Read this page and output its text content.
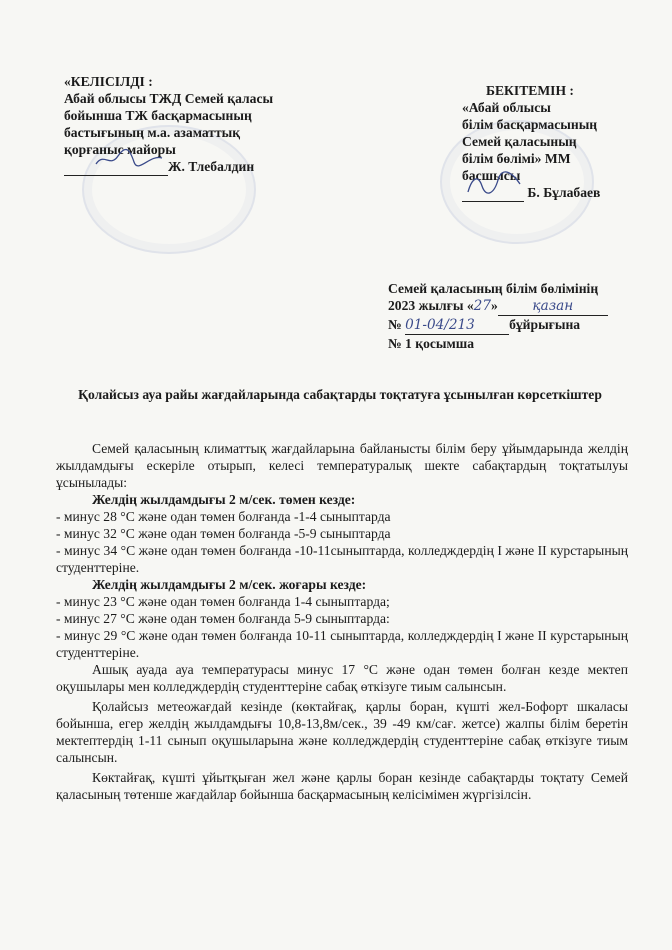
«КЕЛІСІЛДІ :
Абай облысы ТЖД Семей қаласы
бойынша ТЖ басқармасының
бастығының м.а. азаматтық
қорғаныс майоры
Ж. Тлебалдин
БЕКІТЕМІН :
«Абай облысы
білім басқармасының
Семей қаласының
білім бөлімі» ММ
басшысы
Б. Бұлабаев
Семей қаласының білім бөлімінің
2023 жылғы «27»	қазан
№ 01-04/213	бұйрығына
№ 1 қосымша
Қолайсыз ауа райы жағдайларында сабақтарды тоқтатуға ұсынылған көрсеткіштер

Семей қаласының климаттық жағдайларына байланысты білім беру ұйымдарында желдің жылдамдығы ескеріле отырып, келесі температуралық шекте сабақтардың тоқтатылуы ұсынылады:

Желдің жылдамдығы 2 м/сек. төмен кезде:

- минус 28 °С және одан төмен болғанда -1-4 сыныптарда

- минус 32 °С және одан төмен болғанда -5-9 сыныптарда

- минус 34 °С және одан төмен болғанда -10-11сыныптарда, колледждердің I және II курстарының студенттеріне.

Желдің жылдамдығы 2 м/сек. жоғары кезде:

- минус 23 °С және одан төмен болғанда 1-4 сыныптарда;

- минус 27 °С және одан төмен болғанда 5-9 сыныптарда:

- минус 29 °С және одан төмен болғанда 10-11 сыныптарда, колледждердің I және II курстарының студенттеріне.

Ашық ауада ауа температурасы минус 17 °С және одан төмен болған кезде мектеп оқушылары мен колледждердің студенттеріне сабақ өткізуге тиым салынсын.

Қолайсыз метеожағдай кезінде (көктайғақ, қарлы боран, күшті жел-Бофорт шкаласы бойынша, егер желдің жылдамдығы 10,8-13,8м/сек., 39 -49 км/сағ. жетсе) жалпы білім беретін мектептердің 1-11 сынып оқушыларына және колледждердің студенттеріне сабақ өткізуге тиым салынсын.

Көктайғақ, күшті ұйытқыған жел және қарлы боран кезінде сабақтарды тоқтату Семей қаласының төтенше жағдайлар бойынша басқармасының келісімімен жүргізілсін.
